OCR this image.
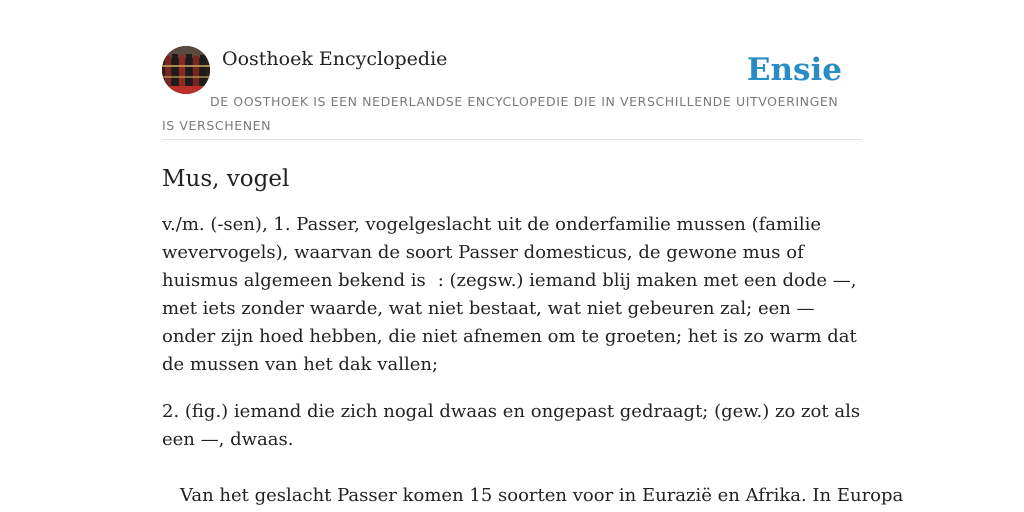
Oosthoek Encyclopedie	Ensie
DE OOSTHOEK IS EEN NEDERLANDSE ENCYCLOPEDIE DIE IN VERSCHILLENDE UITVOERINGEN IS VERSCHENEN
Mus, vogel

v./m. (-sen), 1. Passer, vogelgeslacht uit de onderfamilie mussen (familie wevervogels), waarvan de soort Passer domesticus, de gewone mus of huismus algemeen bekend is : (zegsw.) iemand blij maken met een dode —, met iets zonder waarde, wat niet bestaat, wat niet gebeuren zal; een — onder zijn hoed hebben, die niet afnemen om te groeten; het is zo warm dat de mussen van het dak vallen;

2. (fig.) iemand die zich nogal dwaas en ongepast gedraagt; (gew.) zo zot als een —, dwaas.

Van het geslacht Passer komen 15 soorten voor in Eurazië en Afrika. In Europa
